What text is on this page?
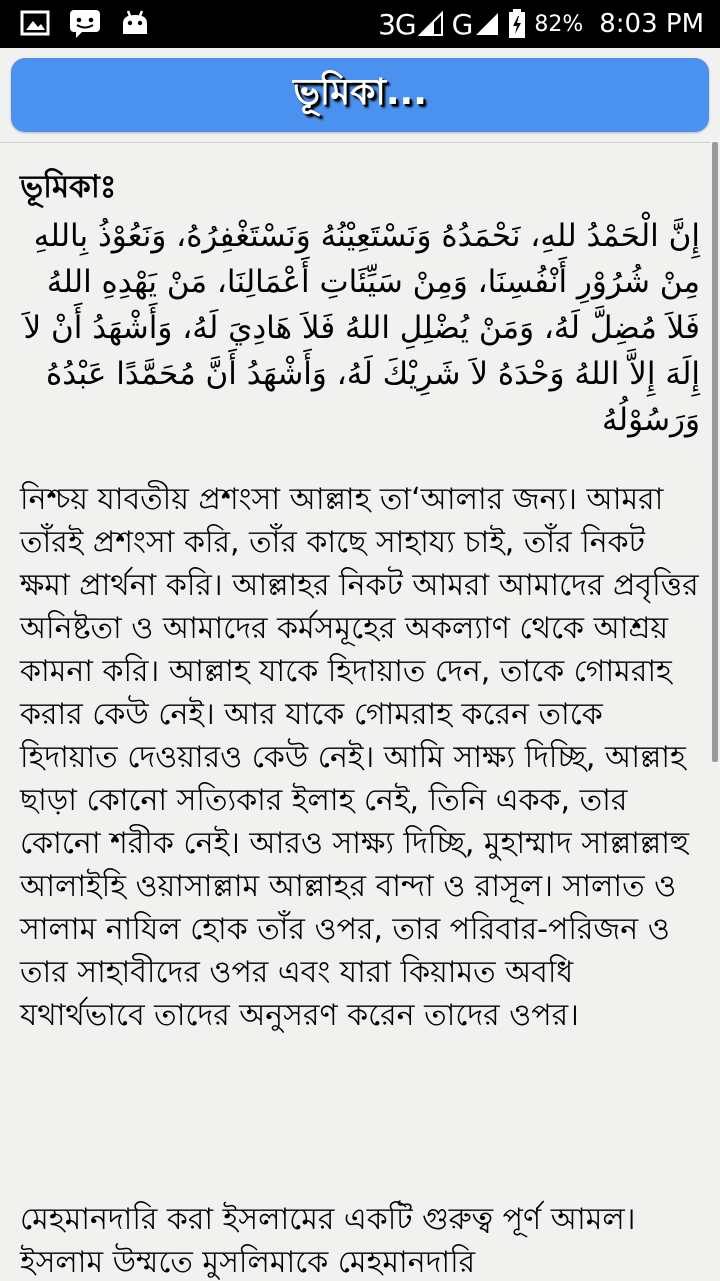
3G G	82% 8:03 PM
ভূমিকা...
ভূমিকাঃ
إِنَّ الْحَمْدُ للهِ، نَحْمَدُهُ وَنَسْتَعِيْنُهُ وَنَسْتَغْفِرُهُ، وَنَعُوْذُ بِاللهِ مِنْ شُرُوْرِ أَنْفُسِنَا، وَمِنْ سَيِّئَاتِ أَعْمَالِنَا، مَنْ يَهْدِهِ اللهُ فَلاَ مُضِلَّ لَهُ، وَمَنْ يُضْلِلِ اللهُ فَلاَ هَادِيَ لَهُ، وَأَشْهَدُ أَنْ لاَ إِلَهَ إِلاَّ اللهُ وَحْدَهُ لاَ شَرِيْكَ لَهُ، وَأَشْهَدُ أَنَّ مُحَمَّدًا عَبْدُهُ وَرَسُوْلُهُ
নিশ্চয় যাবতীয় প্রশংসা আল্লাহ তা‘আলার জন্য। আমরা তাঁরই প্রশংসা করি, তাঁর কাছে সাহায্য চাই, তাঁর নিকট ক্ষমা প্রার্থনা করি। আল্লাহর নিকট আমরা আমাদের প্রবৃত্তির অনিষ্টতা ও আমাদের কর্মসমূহের অকল্যাণ থেকে আশ্রয় কামনা করি। আল্লাহ যাকে হিদায়াত দেন, তাকে গোমরাহ করার কেউ নেই। আর যাকে গোমরাহ করেন তাকে হিদায়াত দেওয়ারও কেউ নেই। আমি সাক্ষ্য দিচ্ছি, আল্লাহ ছাড়া কোনো সত্যিকার ইলাহ নেই, তিনি একক, তার কোনো শরীক নেই। আরও সাক্ষ্য দিচ্ছি, মুহাম্মাদ সাল্লাল্লাহু আলাইহি ওয়াসাল্লাম আল্লাহর বান্দা ও রাসূল। সালাত ও সালাম নাযিল হোক তাঁর ওপর, তার পরিবার-পরিজন ও তার সাহাবীদের ওপর এবং যারা কিয়ামত অবধি যথার্থভাবে তাদের অনুসরণ করেন তাদের ওপর।
মেহমানদারি করা ইসলামের একটি গুরুত্ব পূর্ণ আমল। ইসলাম উম্মতে মুসলিমাকে মেহমানদারি
